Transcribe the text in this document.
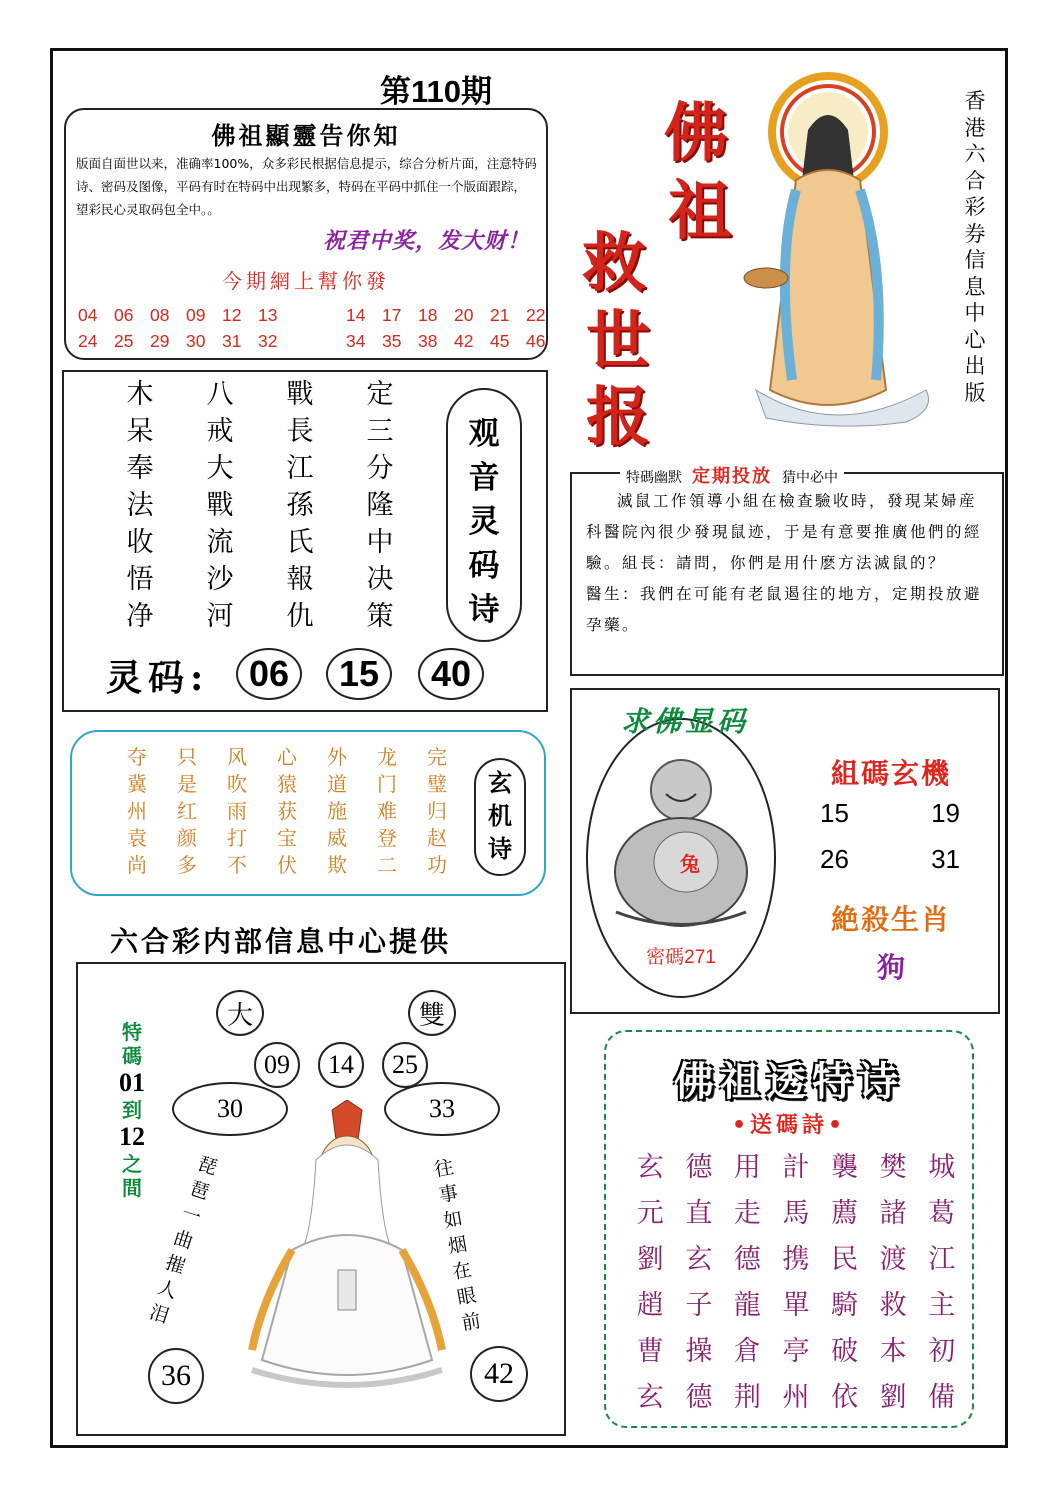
第110期
佛祖顯靈告你知
版面自面世以来，准确率100%，众多彩民根据信息提示，综合分析片面，注意特码诗、密码及图像，平码有时在特码中出现繁多，特码在平码中抓住一个版面跟踪，望彩民心灵取码包全中。。
祝君中奖，发大财！
今期網上幫你發
04 06 08 09 12 13	14 17 18 20 21 22
24 25 29 30 31 32	34 35 38 42 45 46
佛
祖
救
世
报
香
港
六
合
彩
券
信
息
中
心
出
版
木	八	戰	定
呆	戒	長	三
奉	大	江	分
法	戰	孫	隆
收	流	氏	中
悟	沙	報	决
净	河	仇	策
观
音
灵
码
诗
灵码:	06	15	40
夺	只	风	心	外	龙	完
冀	是	吹	猿	道	门	璧
州	红	雨	获	施	难	归
袁	颜	打	宝	威	登	赵
尚	多	不	伏	欺	二	功
玄
机
诗
六合彩内部信息中心提供
特碼幽默 定期投放 猜中必中
滅鼠工作領導小組在檢查驗收時，發現某婦産科醫院內很少發現鼠迹，于是有意要推廣他們的經驗。組長：請問，你們是用什麽方法滅鼠的？
醫生：我們在可能有老鼠遏往的地方，定期投放避孕藥。
求佛显码
兔
密碼271
組碼玄機
15	19
26	31
絶殺生肖
狗
大	雙
09	14	25
30	33
36	42
特
碼
01
到
12
之
間
琵
琶
一
曲
摧
人
泪
往
事
如
烟
在
眼
前
佛祖透特诗
•送碼詩•
玄 德 用 計 襲 樊 城
元 直 走 馬 薦 諸 葛
劉 玄 德 携 民 渡 江
趙 子 龍 單 騎 救 主
曹 操 倉 亭 破 本 初
玄 德 荆 州 依 劉 備
